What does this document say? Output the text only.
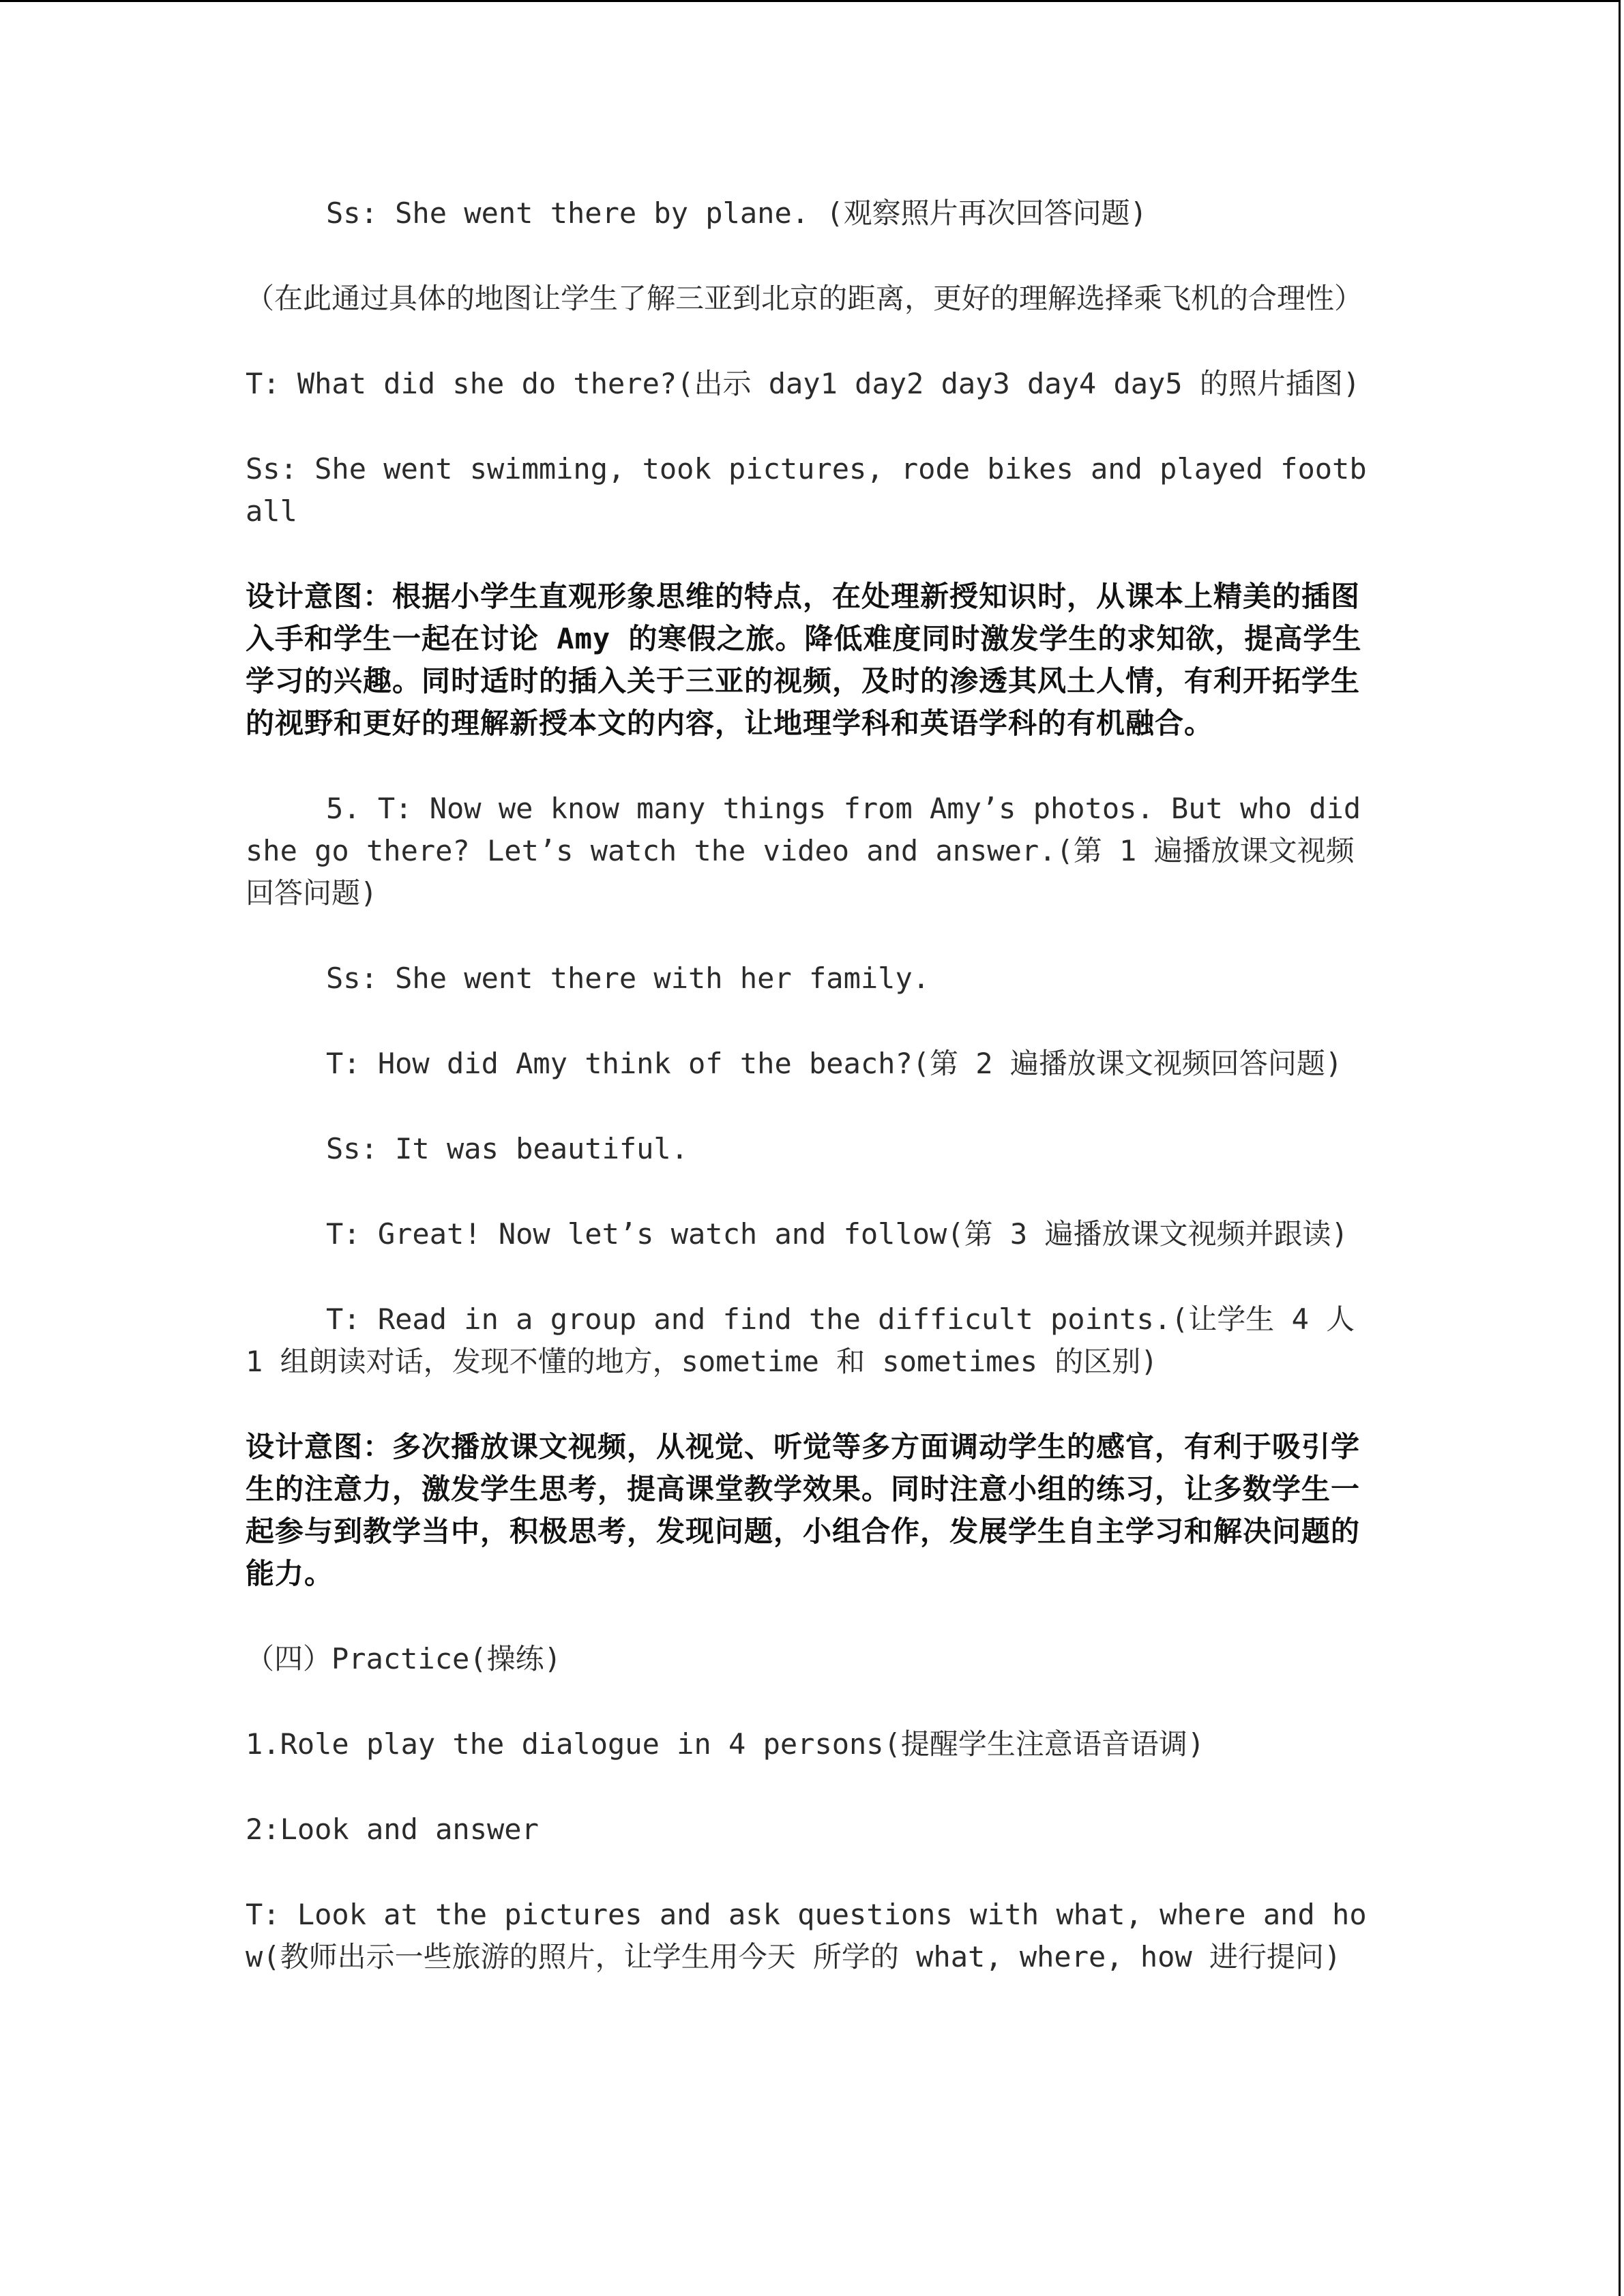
Ss: She went there by plane. (观察照片再次回答问题)

（在此通过具体的地图让学生了解三亚到北京的距离，更好的理解选择乘飞机的合理性）

T: What did she do there?(出示 day1 day2 day3 day4 day5 的照片插图)

Ss: She went swimming, took pictures, rode bikes and played football

设计意图：根据小学生直观形象思维的特点，在处理新授知识时，从课本上精美的插图入手和学生一起在讨论 Amy 的寒假之旅。降低难度同时激发学生的求知欲，提高学生学习的兴趣。同时适时的插入关于三亚的视频，及时的渗透其风土人情，有利开拓学生的视野和更好的理解新授本文的内容，让地理学科和英语学科的有机融合。

5. T: Now we know many things from Amy’s photos. But who did she go there? Let’s watch the video and answer.(第 1 遍播放课文视频回答问题)

Ss: She went there with her family.

T: How did Amy think of the beach?(第 2 遍播放课文视频回答问题)

Ss: It was beautiful.

T: Great! Now let’s watch and follow(第 3 遍播放课文视频并跟读)

T: Read in a group and find the difficult points.(让学生 4 人 1 组朗读对话，发现不懂的地方，sometime 和 sometimes 的区别)

设计意图：多次播放课文视频，从视觉、听觉等多方面调动学生的感官，有利于吸引学生的注意力，激发学生思考，提高课堂教学效果。同时注意小组的练习，让多数学生一起参与到教学当中，积极思考，发现问题，小组合作，发展学生自主学习和解决问题的能力。

（四）Practice(操练)

1.Role play the dialogue in 4 persons(提醒学生注意语音语调)

2:Look and answer

T: Look at the pictures and ask questions with what, where and how(教师出示一些旅游的照片，让学生用今天 所学的 what, where, how 进行提问)
